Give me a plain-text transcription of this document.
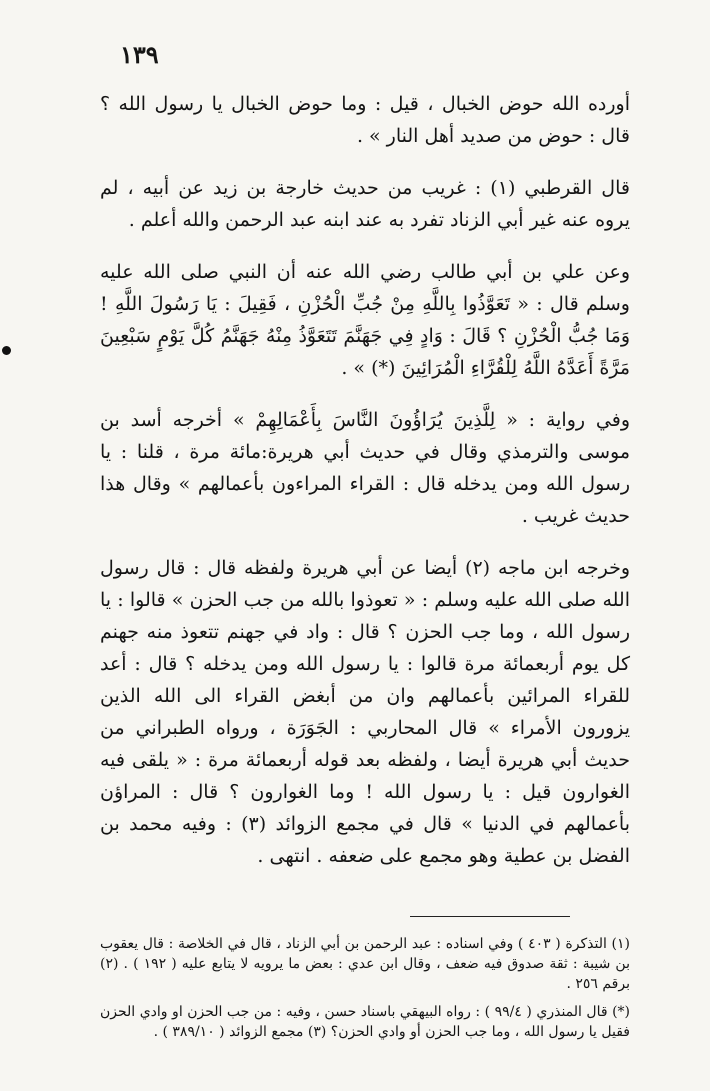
١٣٩

أورده الله حوض الخبال ، قيل : وما حوض الخبال يا رسول الله ؟ قال : حوض من صديد أهل النار » .

قال القرطبي (١) : غريب من حديث خارجة بن زيد عن أبيه ، لم يروه عنه غير أبي الزناد تفرد به عند ابنه عبد الرحمن والله أعلم .

وعن علي بن أبي طالب رضي الله عنه أن النبي صلى الله عليه وسلم قال : « تَعَوَّذُوا بِاللَّهِ مِنْ جُبِّ الْحُزْنِ ، فَقِيلَ : يَا رَسُولَ اللَّهِ ! وَمَا جُبُّ الْحُزْنِ ؟ قَالَ : وَادٍ فِي جَهَنَّمَ تَتَعَوَّذُ مِنْهُ جَهَنَّمُ كُلَّ يَوْمٍ سَبْعِينَ مَرَّةً أَعَدَّهُ اللَّهُ لِلْقُرَّاءِ الْمُرَائِينَ (*) » .

وفي رواية : « لِلَّذِينَ يُرَاؤُونَ النَّاسَ بِأَعْمَالِهِمْ » أخرجه أسد بن موسى والترمذي وقال في حديث أبي هريرة:مائة مرة ، قلنا : يا رسول الله ومن يدخله قال : القراء المراءون بأعمالهم » وقال هذا حديث غريب .

وخرجه ابن ماجه (٢) أيضا عن أبي هريرة ولفظه قال : قال رسول الله صلى الله عليه وسلم : « تعوذوا بالله من جب الحزن » قالوا : يا رسول الله ، وما جب الحزن ؟ قال : واد في جهنم تتعوذ منه جهنم كل يوم أربعمائة مرة قالوا : يا رسول الله ومن يدخله ؟ قال : أعد للقراء المرائين بأعمالهم وان من أبغض القراء الى الله الذين يزورون الأمراء » قال المحاربي : الجَوَرَة ، ورواه الطبراني من حديث أبي هريرة أيضا ، ولفظه بعد قوله أربعمائة مرة : « يلقى فيه الغوارون قيل : يا رسول الله ! وما الغوارون ؟ قال : المراؤن بأعمالهم في الدنيا » قال في مجمع الزوائد (٣) : وفيه محمد بن الفضل بن عطية وهو مجمع على ضعفه . انتهى .

(١) التذكرة ( ٤٠٣ ) وفي اسناده : عبد الرحمن بن أبي الزناد ، قال في الخلاصة : قال يعقوب بن شيبة : ثقة صدوق فيه ضعف ، وقال ابن عدي : بعض ما يرويه لا يتابع عليه ( ١٩٢ ) . (٢) برقم ٢٥٦ .

(*) قال المنذري ( ٩٩/٤ ) : رواه البيهقي باسناد حسن ، وفيه : من جب الحزن او وادي الحزن فقيل يا رسول الله ، وما جب الحزن أو وادي الحزن؟ (٣) مجمع الزوائد ( ٣٨٩/١٠ ) .
